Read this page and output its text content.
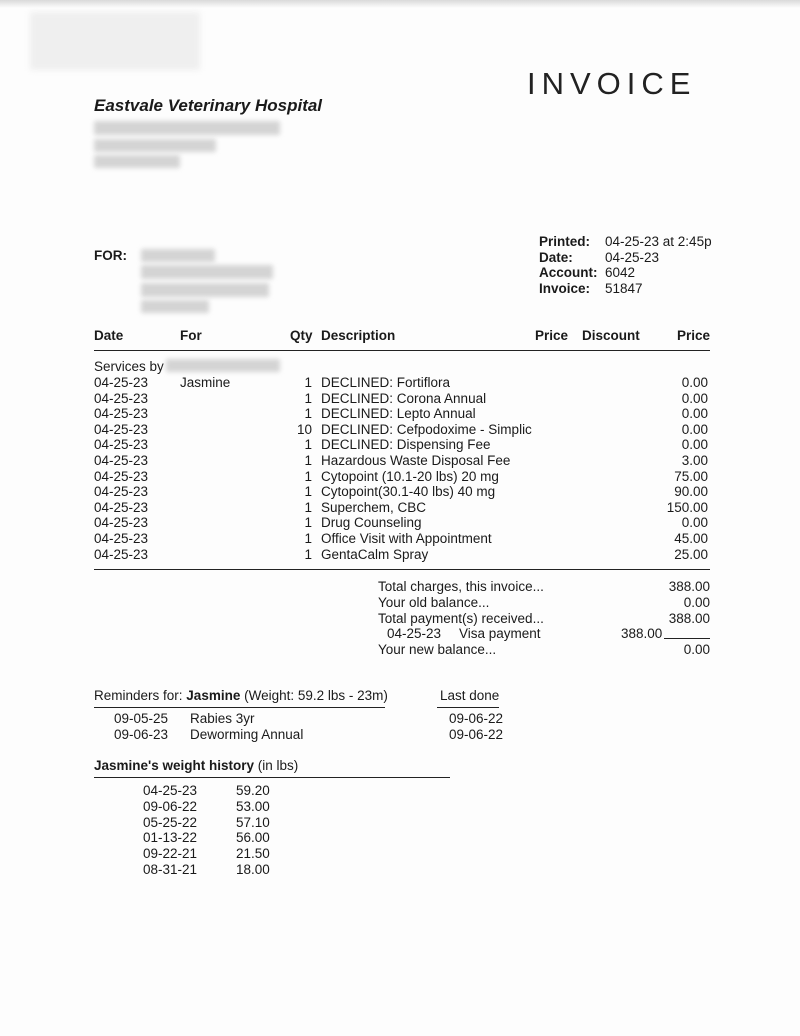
INVOICE
Eastvale Veterinary Hospital
FOR:
Printed: 04-25-23 at 2:45p
Date: 04-25-23
Account: 6042
Invoice: 51847
Date	For	Qty Description	Price Discount	Price
Services by
04-25-23 Jasmine	1 DECLINED: Fortiflora	0.00
04-25-23	1 DECLINED: Corona Annual	0.00
04-25-23	1 DECLINED: Lepto Annual	0.00
04-25-23	10 DECLINED: Cefpodoxime - Simplic	0.00
04-25-23	1 DECLINED: Dispensing Fee	0.00
04-25-23	1 Hazardous Waste Disposal Fee	3.00
04-25-23	1 Cytopoint (10.1-20 lbs) 20 mg	75.00
04-25-23	1 Cytopoint(30.1-40 lbs) 40 mg	90.00
04-25-23	1 Superchem, CBC	150.00
04-25-23	1 Drug Counseling	0.00
04-25-23	1 Office Visit with Appointment	45.00
04-25-23	1 GentaCalm Spray	25.00
Total charges, this invoice...	388.00
Your old balance...	0.00
Total payment(s) received...	388.00
04-25-23 Visa payment	388.00
Your new balance...	0.00
Reminders for: Jasmine (Weight: 59.2 lbs - 23m)	Last done
09-05-25 Rabies 3yr	09-06-22
09-06-23 Deworming Annual	09-06-22
Jasmine's weight history (in lbs)
04-25-23	59.20
09-06-22	53.00
05-25-22	57.10
01-13-22	56.00
09-22-21	21.50
08-31-21	18.00
